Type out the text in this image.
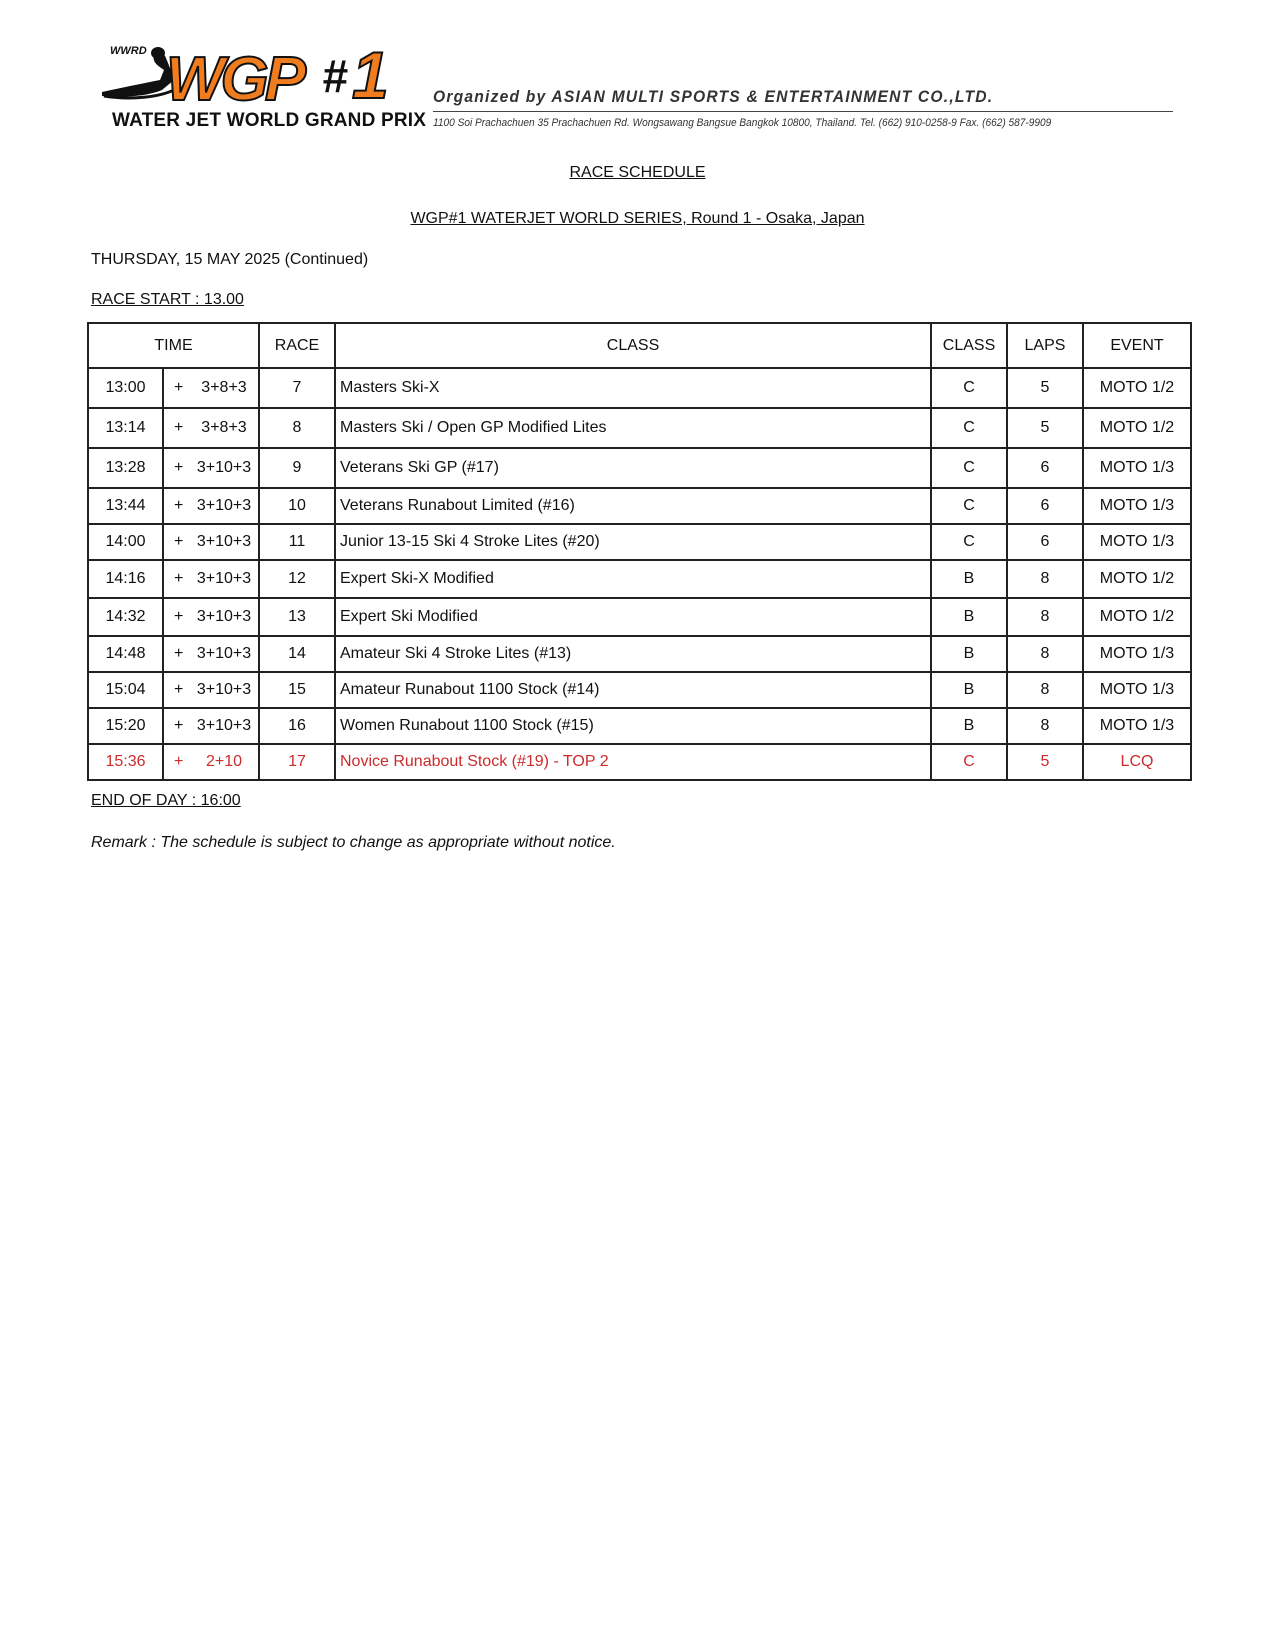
WGP # 1
WWRD
WATER JET WORLD GRAND PRIX
Organized by ASIAN MULTI SPORTS & ENTERTAINMENT CO.,LTD.
1100 Soi Prachachuen 35 Prachachuen Rd. Wongsawang Bangsue Bangkok 10800, Thailand. Tel. (662) 910-0258-9 Fax. (662) 587-9909
RACE SCHEDULE
WGP#1 WATERJET WORLD SERIES, Round 1 - Osaka, Japan
THURSDAY, 15 MAY 2025 (Continued)
RACE START : 13.00
TIME		RACE	CLASS	CLASS	LAPS	EVENT
13:00	+ 3+8+3	7	Masters Ski-X	C	5	MOTO 1/2
13:14	+ 3+8+3	8	Masters Ski / Open GP Modified Lites	C	5	MOTO 1/2
13:28	+ 3+10+3	9	Veterans Ski GP (#17)	C	6	MOTO 1/3
13:44	+ 3+10+3	10	Veterans Runabout Limited (#16)	C	6	MOTO 1/3
14:00	+ 3+10+3	11	Junior 13-15 Ski 4 Stroke Lites (#20)	C	6	MOTO 1/3
14:16	+ 3+10+3	12	Expert Ski-X Modified	B	8	MOTO 1/2
14:32	+ 3+10+3	13	Expert Ski Modified	B	8	MOTO 1/2
14:48	+ 3+10+3	14	Amateur Ski 4 Stroke Lites (#13)	B	8	MOTO 1/3
15:04	+ 3+10+3	15	Amateur Runabout 1100 Stock (#14)	B	8	MOTO 1/3
15:20	+ 3+10+3	16	Women Runabout 1100 Stock (#15)	B	8	MOTO 1/3
15:36	+ 2+10	17	Novice Runabout Stock (#19) - TOP 2	C	5	LCQ
END OF DAY : 16:00
Remark : The schedule is subject to change as appropriate without notice.
